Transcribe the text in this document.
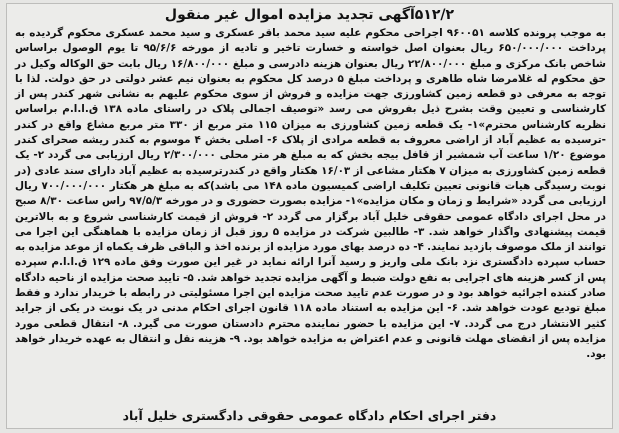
۵۱۲/۲آگهی تجدید مزایده اموال غیر منقول
به موجب پرونده کلاسه ۹۶۰۰۵۱ اجراحی محکوم علیه سید محمد باقر عسکری و سید محمد عسکری محکوم گردیده به پرداخت ۶۵۰/۰۰۰/۰۰۰ ریال بعنوان اصل خواسته و خسارت تاخیر و تادیه از مورخه ۹۵/۶/۶ تا یوم الوصول براساس شاخص بانک مرکزی و مبلغ ۲۲/۸۰۰/۰۰۰ ریال بعنوان هزینه دادرسی و مبلغ ۱۶/۸۰۰/۰۰۰ ریال بابت حق الوکاله وکیل در حق محکوم له غلامرضا شاه طاهری و پرداخت مبلغ ۵ درصد کل محکوم به بعنوان نیم عشر دولتی در حق دولت. لذا با توجه به معرفی دو قطعه زمین کشاورزی جهت مزایده و فروش از سوی محکوم علیهم به نشانی شهر کندر پس از کارشناسی و تعیین وقت بشرح ذیل بفروش می رسد «توصیف اجمالی پلاک در راستای ماده ۱۳۸ ق.ا.ا.م براساس نظریه کارشناس محترم»۱- یک قطعه زمین کشاورزی به میزان ۱۱۵ متر مربع از ۳۳۰ متر مربع مشاع واقع در کندر -ترسیده به عظیم آباد از اراضی معروف به قطعه مرادی از پلاک ۶- اصلی بخش ۴ موسوم به کندر ریشه صحرای کندر موضوع ۱/۲۰ ساعت آب شمشیر از قافل بیجه بخش که به مبلغ هر متر محلی ۲/۳۰۰/۰۰۰ ریال ارزیابی می گردد ۲- یک قطعه زمین کشاورزی به میزان ۷ هکتار مشاعی از ۱۶/۰۳ هکتار واقع در کندرترسیده به عظیم آباد دارای سند عادی (در نوبت رسیدگی هیات قانونی تعیین تکلیف اراضی کمیسیون ماده ۱۴۸ می باشد)که به مبلغ هر هکتار ۷۰۰/۰۰۰/۰۰۰ ریال ارزیابی می گردد «شرایط و زمان و مکان مزایده»۱- مزایده بصورت حضوری و در مورخه ۹۷/۵/۳ راس ساعت ۸/۳۰ صبح در محل اجرای دادگاه عمومی حقوقی خلیل آباد برگزار می گردد ۲- فروش از قیمت کارشناسی شروع و به بالاترین قیمت پیشنهادی واگذار خواهد شد. ۳- طالبین شرکت در مزایده ۵ روز قبل از زمان مزایده با هماهنگی این اجرا می توانند از ملک موصوف بازدید نمایند. ۴- ده درصد بهای مورد مزایده از برنده اخذ و الباقی ظرف یکماه از موعد مزایده به حساب سپرده دادگستری نزد بانک ملی واریز و رسید آنرا ارائه نماید در غیر این صورت وفق ماده ۱۲۹ ق.ا.ا.م سپرده پس از کسر هزینه های اجرایی به نفع دولت ضبط و آگهی مزایده تجدید خواهد شد. ۵- تایید صحت مزایده از ناحیه دادگاه صادر کننده اجرائیه خواهد بود و در صورت عدم تایید صحت مزایده این اجرا مسئولیتی در رابطه با خریدار ندارد و فقط مبلغ تودیع عودت خواهد شد. ۶- این مزایده به استناد ماده ۱۱۸ قانون اجرای احکام مدنی در یک نوبت در یکی از جراید کثیر الانتشار درج می گردد. ۷- این مزایده با حضور نماینده محترم دادستان صورت می گیرد. ۸- انتقال قطعی مورد مزایده پس از انقضای مهلت قانونی و عدم اعتراض به مزایده خواهد بود. ۹- هزینه نقل و انتقال به عهده خریدار خواهد بود.
دفتر اجرای احکام دادگاه عمومی حقوقی دادگستری خلیل آباد
